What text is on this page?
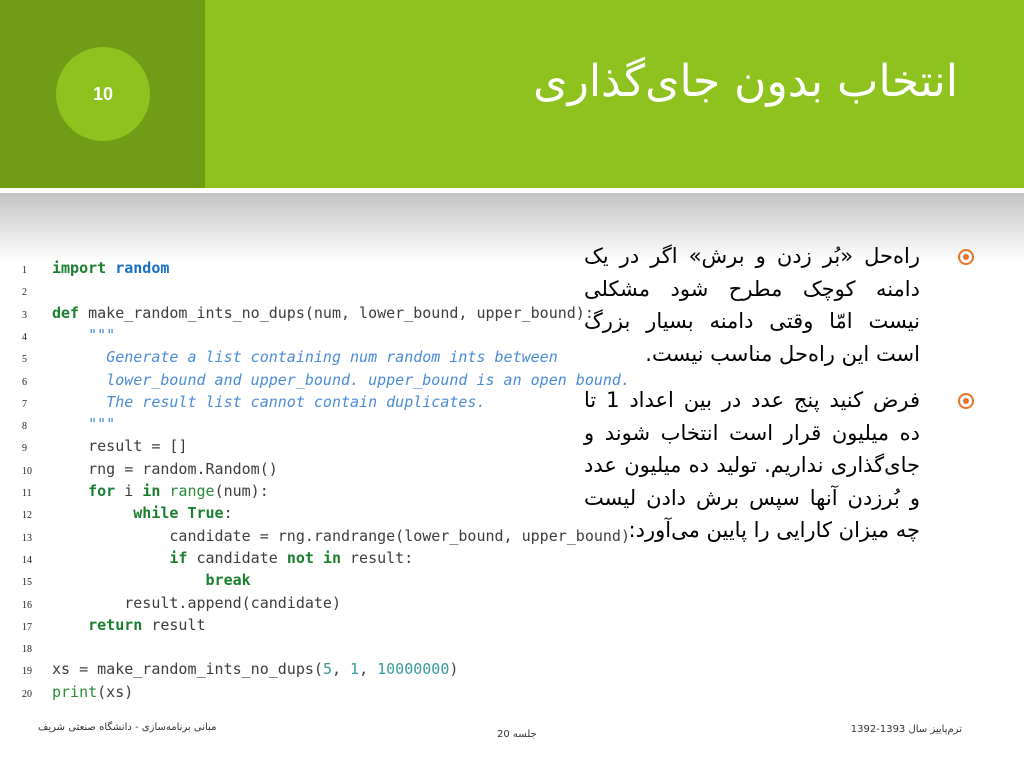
10	انتخاب بدون جای‌گذاری
1 import random
2
3 def make_random_ints_no_dups(num, lower_bound, upper_bound):
4	"""
5	Generate a list containing num random ints between
6	lower_bound and upper_bound. upper_bound is an open bound.
7	The result list cannot contain duplicates.
8	"""
9    result = []
10    rng = random.Random()
11	for i in range(num):
12	while True:
13             candidate = rng.randrange(lower_bound, upper_bound)
14	if candidate not in result:
15	break
16        result.append(candidate)
17	return result
18
19 xs = make_random_ints_no_dups(5, 1, 10000000)
20 print(xs)
راه‌حل «بُر زدن و برش» اگر در یک دامنه کوچک مطرح شود مشکلی نیست امّا وقتی دامنه بسیار بزرگ است این راه‌حل مناسب نیست.
فرض کنید پنج عدد در بین اعداد 1 تا ده میلیون قرار است انتخاب شوند و جای‌گذاری نداریم. تولید ده میلیون عدد و بُرزدن آنها سپس برش دادن لیست چه میزان کارایی را پایین می‌آورد:
مبانی برنامه‌سازی - دانشگاه صنعتی شریف
جلسه 20	ترم‌پاییز سال 1393-1392
